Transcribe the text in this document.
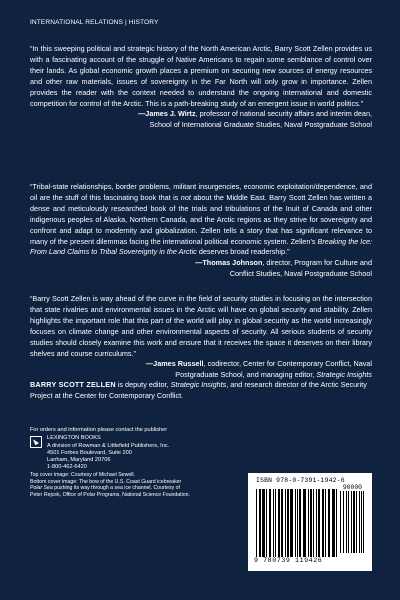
INTERNATIONAL RELATIONS | HISTORY

“In this sweeping political and strategic history of the North American Arctic, Barry Scott Zellen provides us with a fascinating account of the struggle of Native Americans to regain some semblance of control over their lands. As global economic growth places a premium on securing new sources of energy resources and other raw materials, issues of sovereignty in the Far North will only grow in importance. Zellen provides the reader with the context needed to understand the ongoing international and domestic competition for control of the Arctic. This is a path-breaking study of an emergent issue in world politics.”

—James J. Wirtz, professor of national security affairs and interim dean,
School of International Graduate Studies, Naval Postgraduate School

“Tribal-state relationships, border problems, militant insurgencies, economic exploitation/dependence, and oil are the stuff of this fascinating book that is not about the Middle East. Barry Scott Zellen has written a dense and meticulously researched book of the trials and tribulations of the Inuit of Canada and other indigenous peoples of Alaska, Northern Canada, and the Arctic regions as they strive for sovereignty and confront and adapt to modernity and globalization. Zellen tells a story that has significant relevance to many of the present dilemmas facing the international political economic system. Zellen’s Breaking the Ice: From Land Claims to Tribal Sovereignty in the Arctic deserves broad readership.”

—Thomas Johnson, director, Program for Culture and
Conflict Studies, Naval Postgraduate School

“Barry Scott Zellen is way ahead of the curve in the field of security studies in focusing on the intersection that state rivalries and environmental issues in the Arctic will have on global security and stability. Zellen highlights the important role that this part of the world will play in global security as the world increasingly focuses on climate change and other environmental aspects of security. All serious students of security studies should closely examine this work and ensure that it receives the space it deserves on their library shelves and course curriculums.”

—James Russell, codirector, Center for Contemporary Conflict, Naval
Postgraduate School, and managing editor, Strategic Insights
BARRY SCOTT ZELLEN is deputy editor, Strategic Insights, and research director of the Arctic Security Project at the Center for Contemporary Conflict.
For orders and information please contact the publisher
LEXINGTON BOOKS
A division of Rowman & Littlefield Publishers, Inc.
4501 Forbes Boulevard, Suite 200
Lanham, Maryland 20706
1-800-462-6420
Top cover image: Courtesy of Michael Sewell.
Bottom cover image: The bow of the U.S. Coast Guard icebreaker
Polar Sea pushing its way through a sea ice channel. Courtesy of
Peter Rejcek, Office of Polar Programs, National Science Foundation.
ISBN 978-0-7391-1942-6
90000
9 780739 119426
